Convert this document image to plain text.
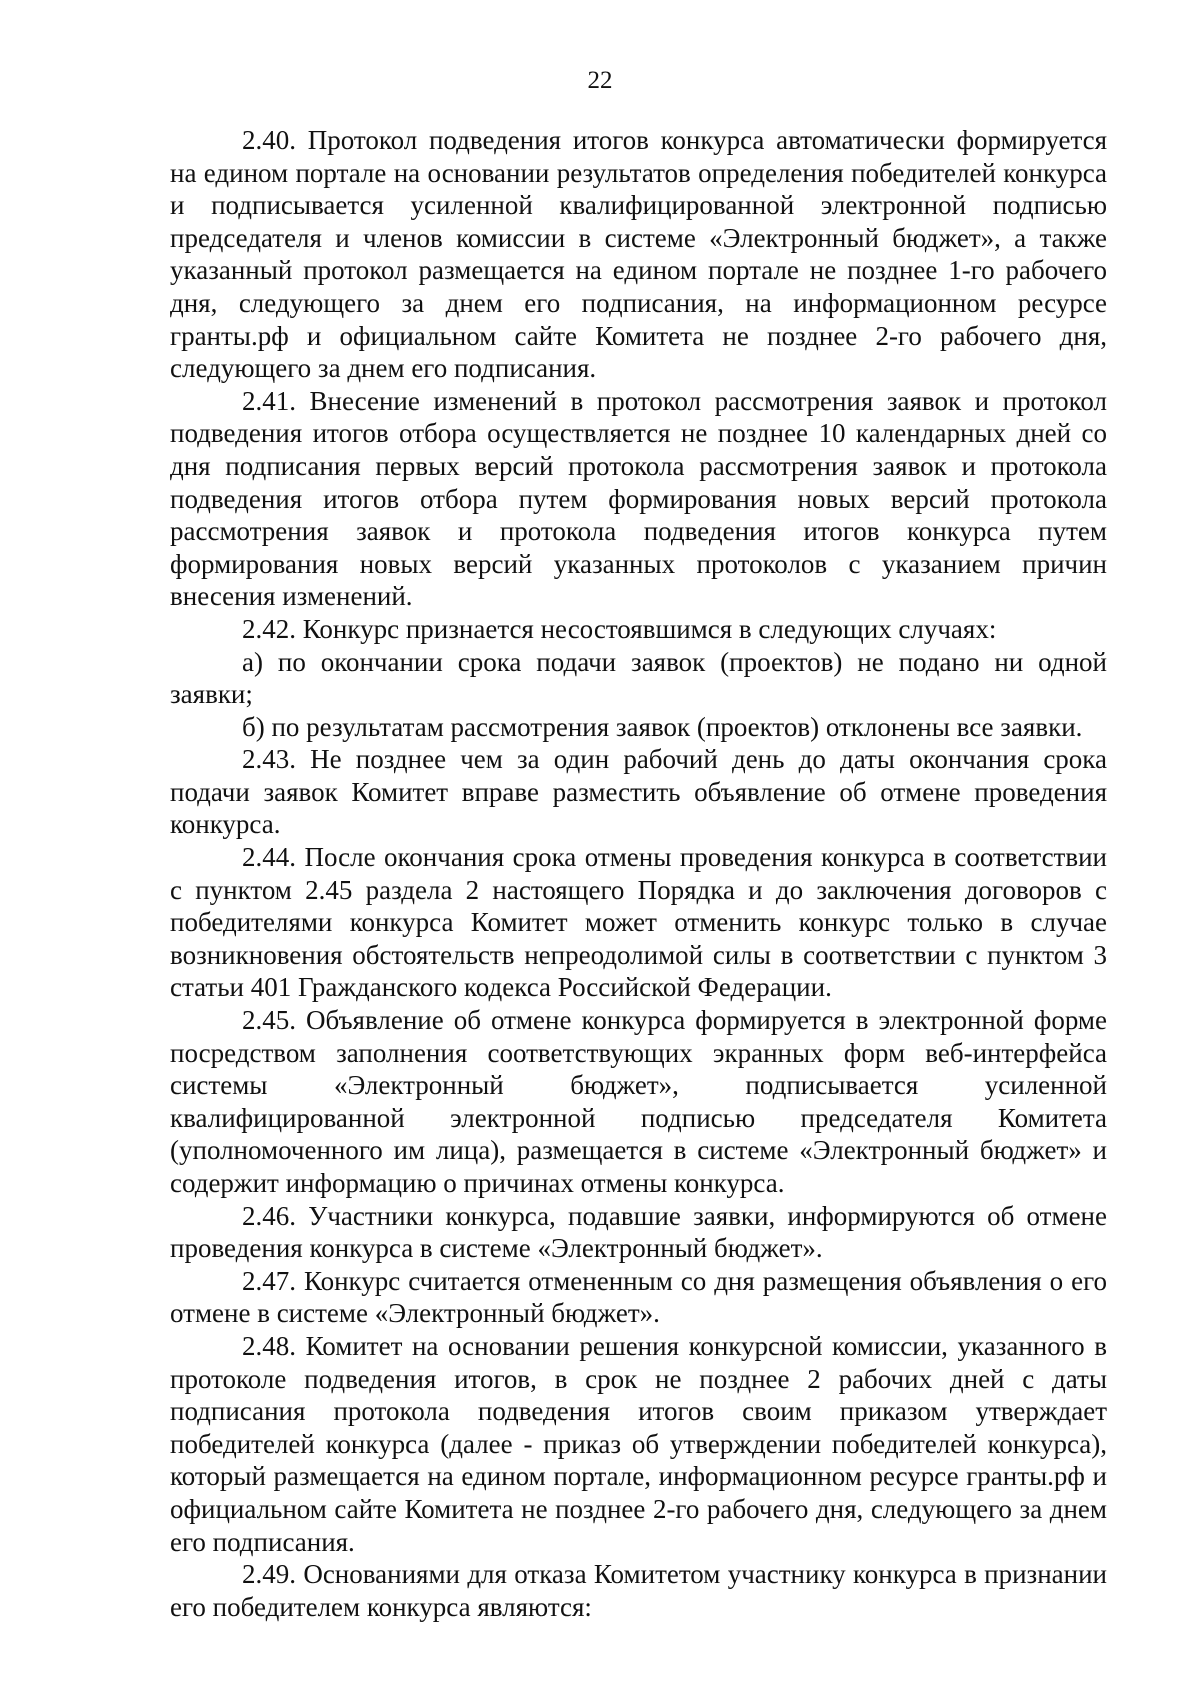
22

2.40. Протокол подведения итогов конкурса автоматически формируется на едином портале на основании результатов определения победителей конкурса и подписывается усиленной квалифицированной электронной подписью председателя и членов комиссии в системе «Электронный бюджет», а также указанный протокол размещается на едином портале не позднее 1-го рабочего дня, следующего за днем его подписания, на информационном ресурсе гранты.рф и официальном сайте Комитета не позднее 2-го рабочего дня, следующего за днем его подписания.

2.41. Внесение изменений в протокол рассмотрения заявок и протокол подведения итогов отбора осуществляется не позднее 10 календарных дней со дня подписания первых версий протокола рассмотрения заявок и протокола подведения итогов отбора путем формирования новых версий протокола рассмотрения заявок и протокола подведения итогов конкурса путем формирования новых версий указанных протоколов с указанием причин внесения изменений.

2.42. Конкурс признается несостоявшимся в следующих случаях:

а) по окончании срока подачи заявок (проектов) не подано ни одной заявки;

б) по результатам рассмотрения заявок (проектов) отклонены все заявки.

2.43. Не позднее чем за один рабочий день до даты окончания срока подачи заявок Комитет вправе разместить объявление об отмене проведения конкурса.

2.44. После окончания срока отмены проведения конкурса в соответствии с пунктом 2.45 раздела 2 настоящего Порядка и до заключения договоров с победителями конкурса Комитет может отменить конкурс только в случае возникновения обстоятельств непреодолимой силы в соответствии с пунктом 3 статьи 401 Гражданского кодекса Российской Федерации.

2.45. Объявление об отмене конкурса формируется в электронной форме посредством заполнения соответствующих экранных форм веб-интерфейса системы «Электронный бюджет», подписывается усиленной квалифицированной электронной подписью председателя Комитета (уполномоченного им лица), размещается в системе «Электронный бюджет» и содержит информацию о причинах отмены конкурса.

2.46. Участники конкурса, подавшие заявки, информируются об отмене проведения конкурса в системе «Электронный бюджет».

2.47. Конкурс считается отмененным со дня размещения объявления о его отмене в системе «Электронный бюджет».

2.48. Комитет на основании решения конкурсной комиссии, указанного в протоколе подведения итогов, в срок не позднее 2 рабочих дней с даты подписания протокола подведения итогов своим приказом утверждает победителей конкурса (далее - приказ об утверждении победителей конкурса), который размещается на едином портале, информационном ресурсе гранты.рф и официальном сайте Комитета не позднее 2-го рабочего дня, следующего за днем его подписания.

2.49. Основаниями для отказа Комитетом участнику конкурса в признании его победителем конкурса являются:
